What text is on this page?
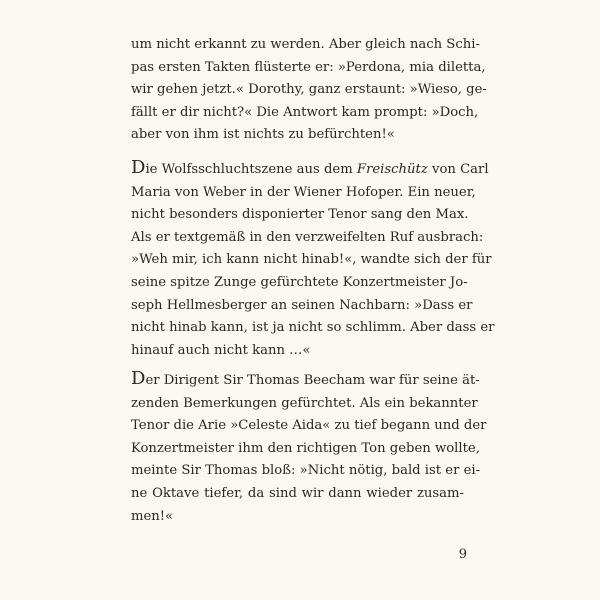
um nicht erkannt zu werden. Aber gleich nach Schi-
pas ersten Takten flüsterte er: »Perdona, mia diletta,
wir gehen jetzt.« Dorothy, ganz erstaunt: »Wieso, ge-
fällt er dir nicht?« Die Antwort kam prompt: »Doch,
aber von ihm ist nichts zu befürchten!«
Die Wolfsschluchtszene aus dem Freischütz von Carl
Maria von Weber in der Wiener Hofoper. Ein neuer,
nicht besonders disponierter Tenor sang den Max.
Als er textgemäß in den verzweifelten Ruf ausbrach:
»Weh mir, ich kann nicht hinab!«, wandte sich der für
seine spitze Zunge gefürchtete Konzertmeister Jo-
seph Hellmesberger an seinen Nachbarn: »Dass er
nicht hinab kann, ist ja nicht so schlimm. Aber dass er
hinauf auch nicht kann …«
Der Dirigent Sir Thomas Beecham war für seine ät-
zenden Bemerkungen gefürchtet. Als ein bekannter
Tenor die Arie »Celeste Aida« zu tief begann und der
Konzertmeister ihm den richtigen Ton geben wollte,
meinte Sir Thomas bloß: »Nicht nötig, bald ist er ei-
ne Oktave tiefer, da sind wir dann wieder zusam-
men!«
9
